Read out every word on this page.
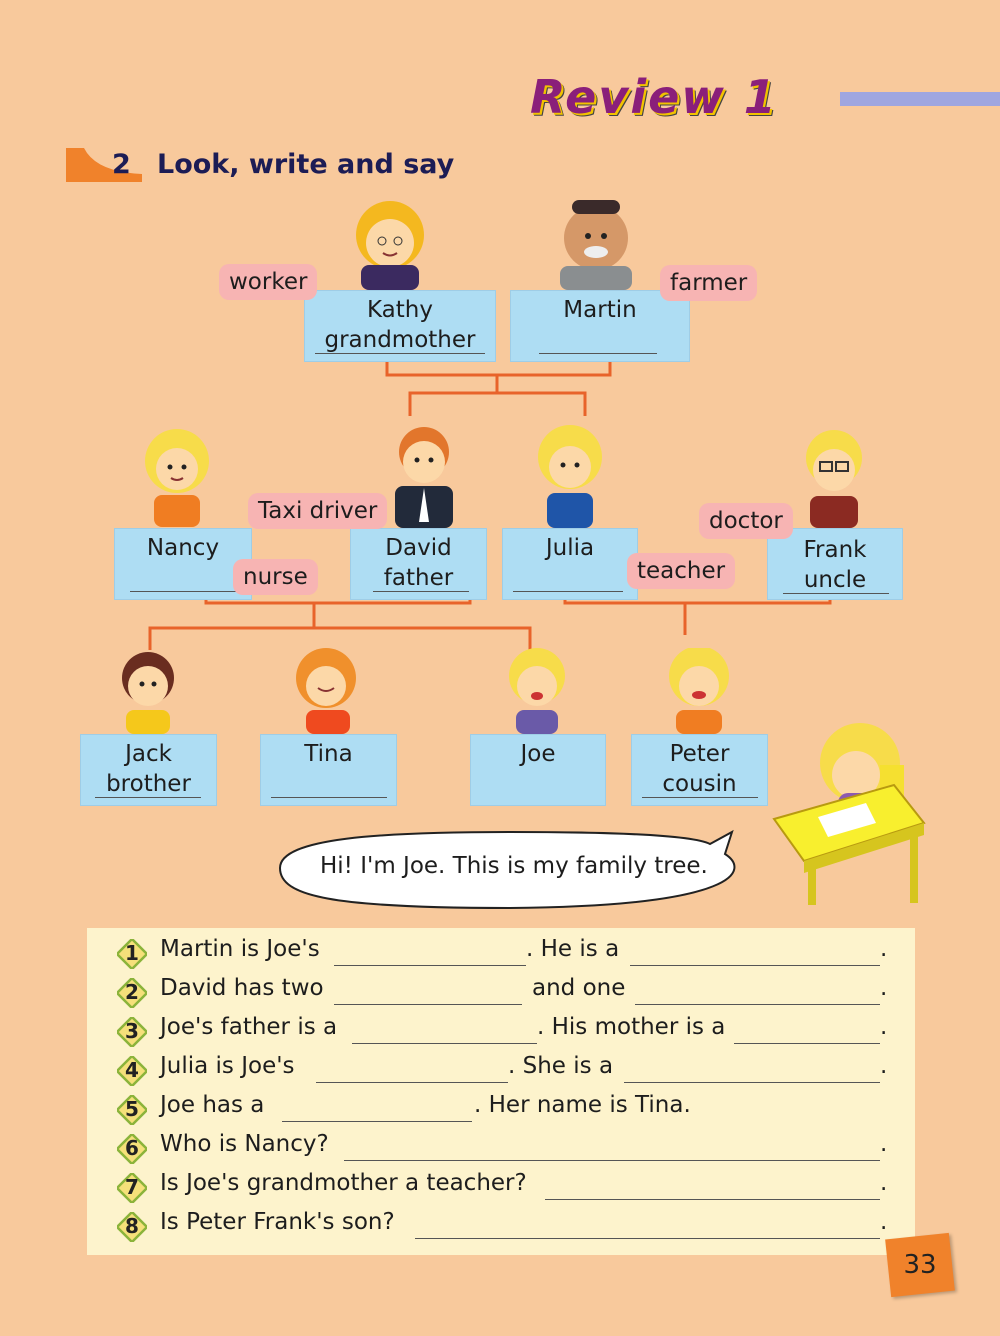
Review 1
2 Look, write and say
Hi! I'm Joe. This is my family tree.
Kathy
grandmother
Martin
Nancy	David
father
Julia	Frank
uncle
Jack
brother
Tina	Joe	Peter
cousin
worker	farmer
nurse
Taxi driver
teacher
doctor
1 Martin is Joe's	. He is a	.
2 David has two	and one	.
3 Joe's father is a	. His mother is a	.
4 Julia is Joe's	. She is a	.
5 Joe has a	. Her name is Tina.
6 Who is Nancy?	.
7 Is Joe's grandmother a teacher?	.
8 Is Peter Frank's son?	.
33
